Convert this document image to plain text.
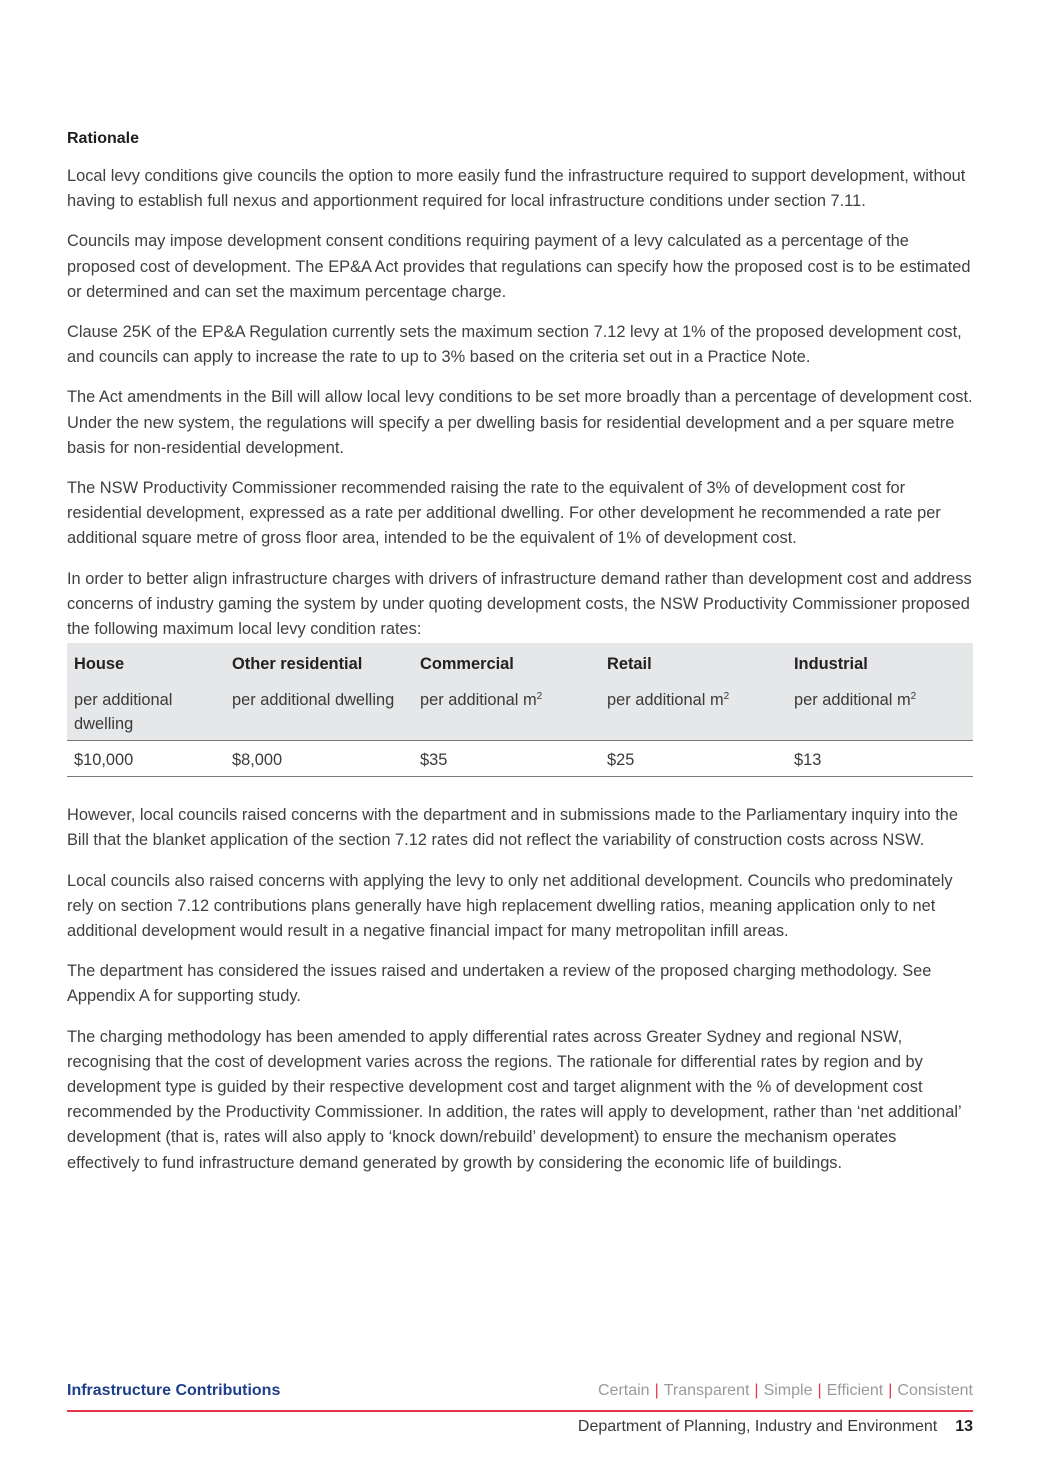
Rationale

Local levy conditions give councils the option to more easily fund the infrastructure required to support development, without having to establish full nexus and apportionment required for local infrastructure conditions under section 7.11.

Councils may impose development consent conditions requiring payment of a levy calculated as a percentage of the proposed cost of development. The EP&A Act provides that regulations can specify how the proposed cost is to be estimated or determined and can set the maximum percentage charge.

Clause 25K of the EP&A Regulation currently sets the maximum section 7.12 levy at 1% of the proposed development cost, and councils can apply to increase the rate to up to 3% based on the criteria set out in a Practice Note.

The Act amendments in the Bill will allow local levy conditions to be set more broadly than a percentage of development cost. Under the new system, the regulations will specify a per dwelling basis for residential development and a per square metre basis for non-residential development.

The NSW Productivity Commissioner recommended raising the rate to the equivalent of 3% of development cost for residential development, expressed as a rate per additional dwelling. For other development he recommended a rate per additional square metre of gross floor area, intended to be the equivalent of 1% of development cost.

In order to better align infrastructure charges with drivers of infrastructure demand rather than development cost and address concerns of industry gaming the system by under quoting development costs, the NSW Productivity Commissioner proposed the following maximum local levy condition rates:

House	Other residential	Commercial	Retail	Industrial
per additional dwelling	per additional dwelling	per additional $m^2$	per additional $m^2$	per additional $m^2$
$10,000	$8,000	$35	$25	$13

However, local councils raised concerns with the department and in submissions made to the Parliamentary inquiry into the Bill that the blanket application of the section 7.12 rates did not reflect the variability of construction costs across NSW.

Local councils also raised concerns with applying the levy to only net additional development. Councils who predominately rely on section 7.12 contributions plans generally have high replacement dwelling ratios, meaning application only to net additional development would result in a negative financial impact for many metropolitan infill areas.

The department has considered the issues raised and undertaken a review of the proposed charging methodology. See Appendix A for supporting study.

The charging methodology has been amended to apply differential rates across Greater Sydney and regional NSW, recognising that the cost of development varies across the regions. The rationale for differential rates by region and by development type is guided by their respective development cost and target alignment with the % of development cost recommended by the Productivity Commissioner. In addition, the rates will apply to development, rather than ‘net additional’ development (that is, rates will also apply to ‘knock down/rebuild’ development) to ensure the mechanism operates effectively to fund infrastructure demand generated by growth by considering the economic life of buildings.

Infrastructure Contributions	Certain | Transparent | Simple | Efficient | Consistent
Department of Planning, Industry and Environment 13
